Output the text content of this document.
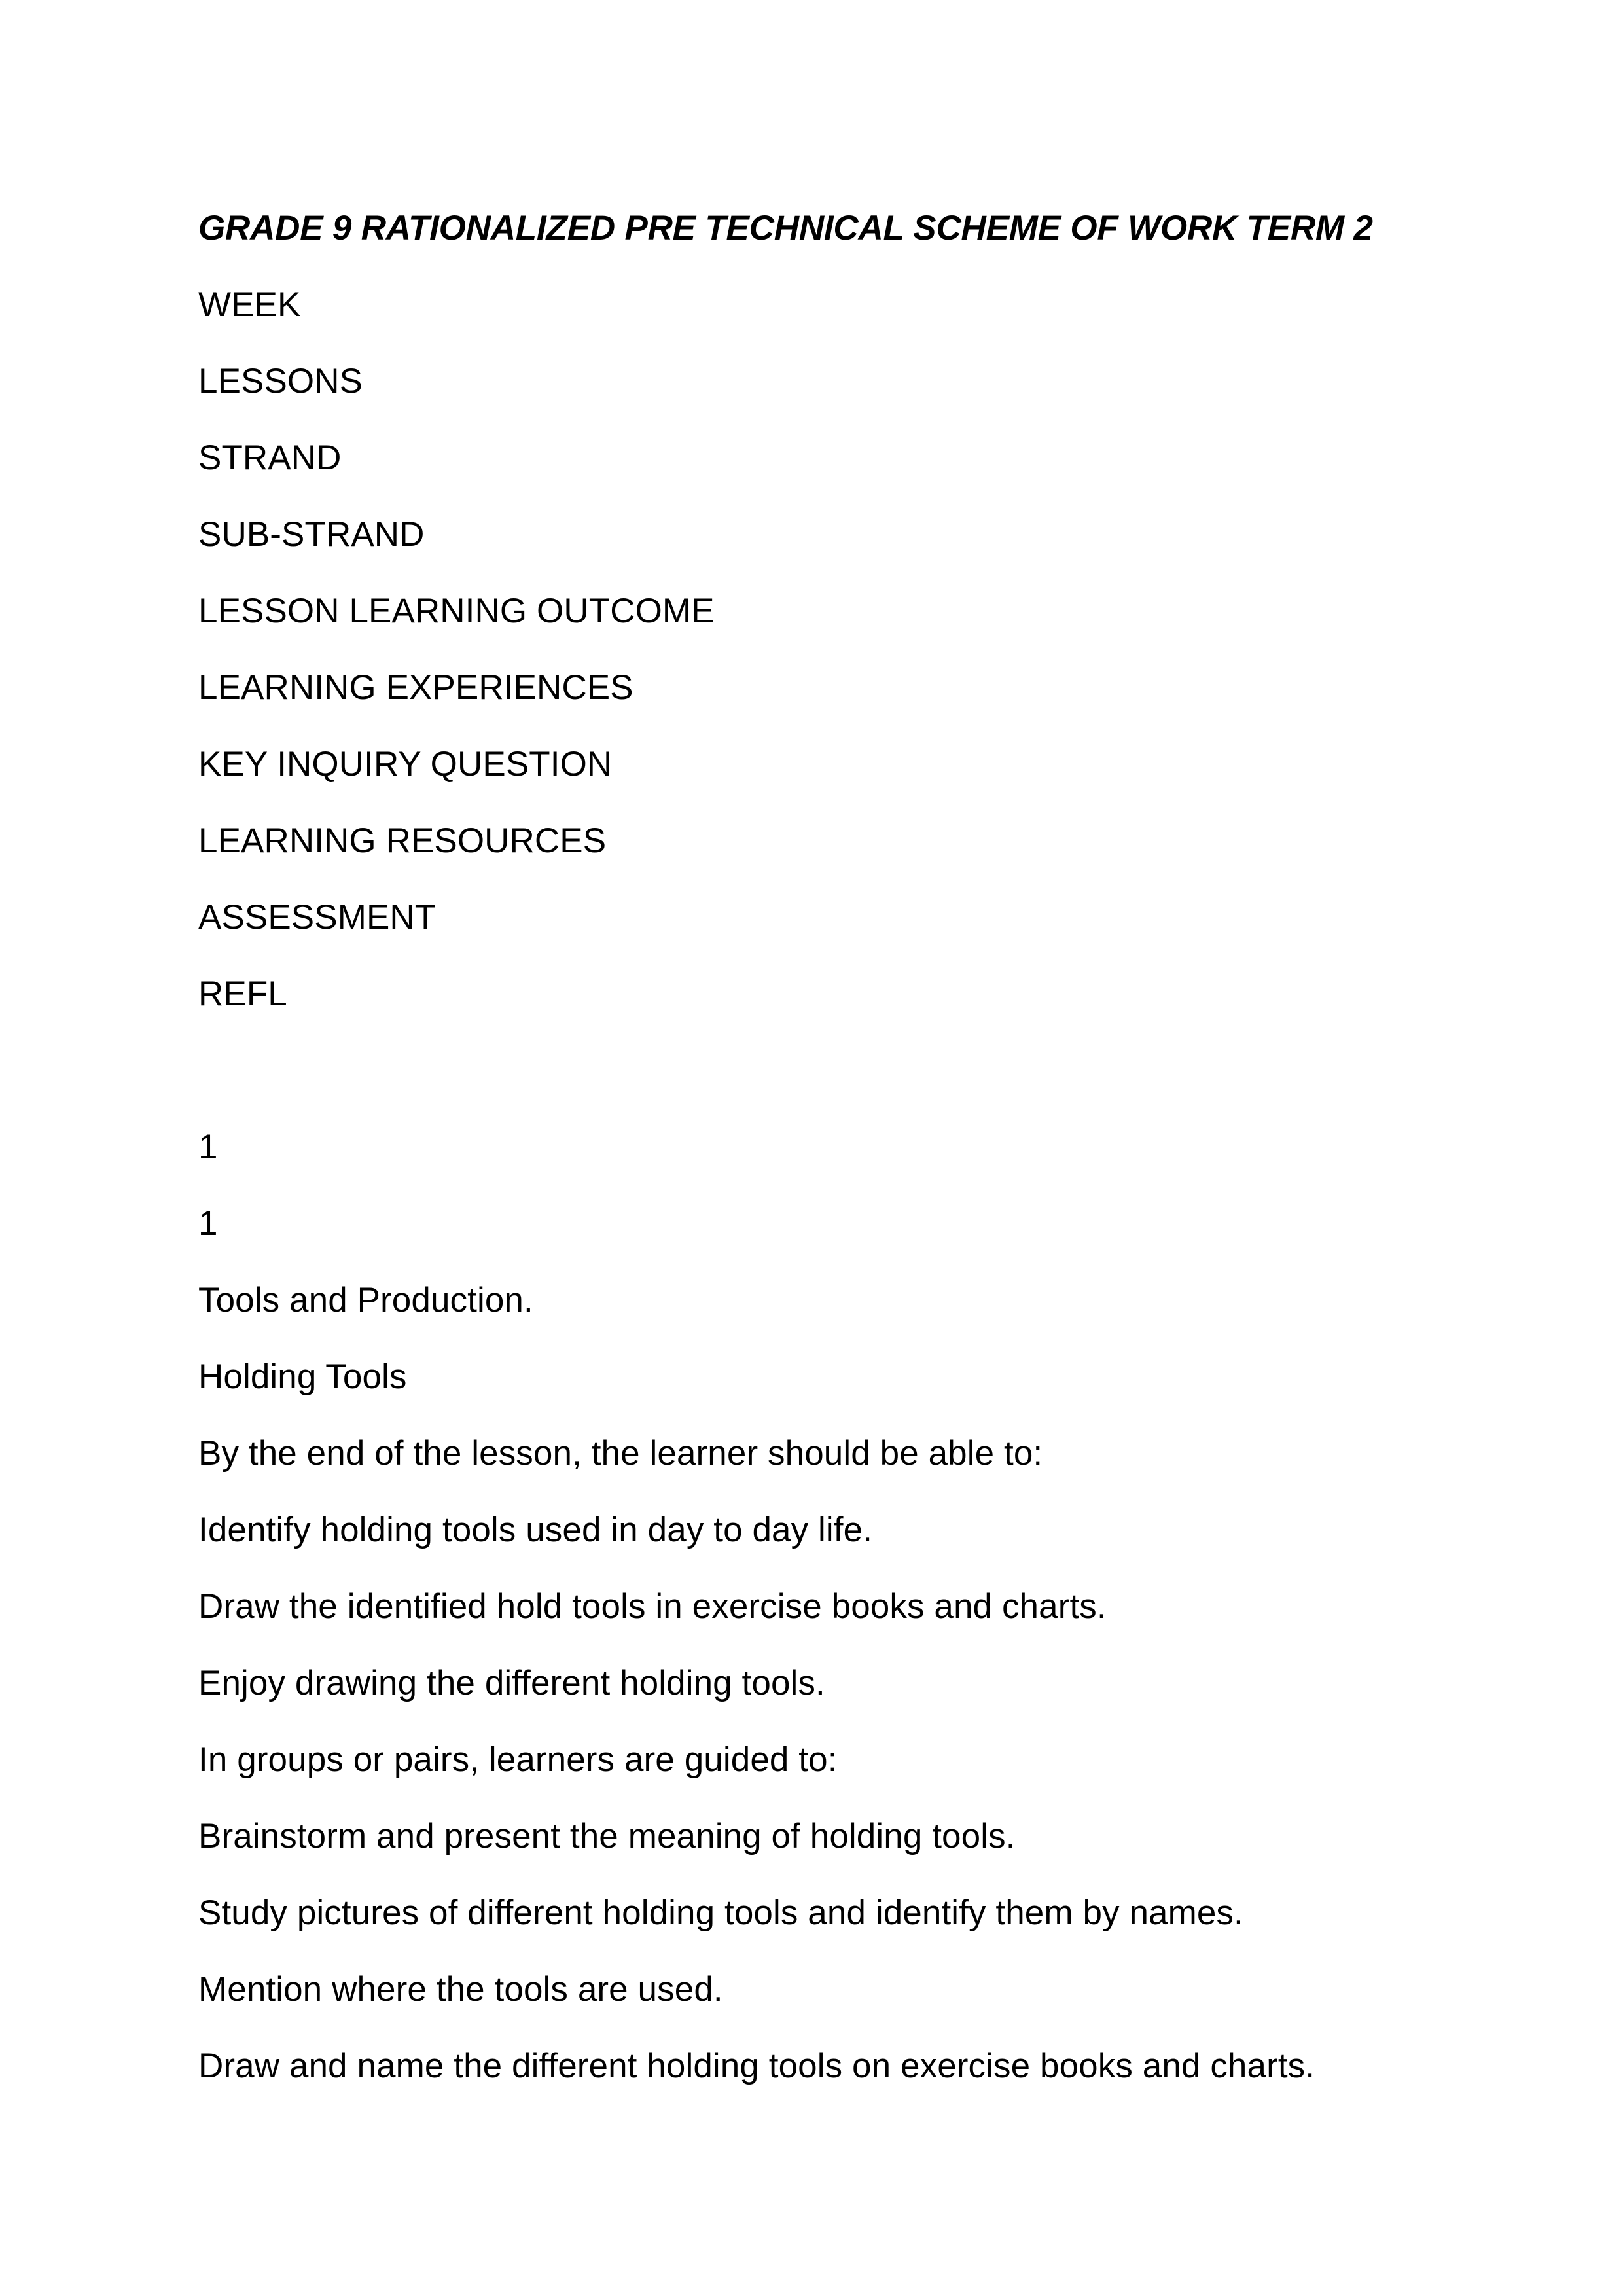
GRADE 9 RATIONALIZED PRE TECHNICAL SCHEME OF WORK TERM 2

WEEK

LESSONS

STRAND

SUB-STRAND

LESSON LEARNING OUTCOME

LEARNING EXPERIENCES

KEY INQUIRY QUESTION

LEARNING RESOURCES

ASSESSMENT

REFL

1

1

Tools and Production.

Holding Tools

By the end of the lesson, the learner should be able to:

Identify holding tools used in day to day life.

Draw the identified hold tools in exercise books and charts.

Enjoy drawing the different holding tools.

In groups or pairs, learners are guided to:

Brainstorm and present the meaning of holding tools.

Study pictures of different holding tools and identify them by names.

Mention where the tools are used.

Draw and name the different holding tools on exercise books and charts.
